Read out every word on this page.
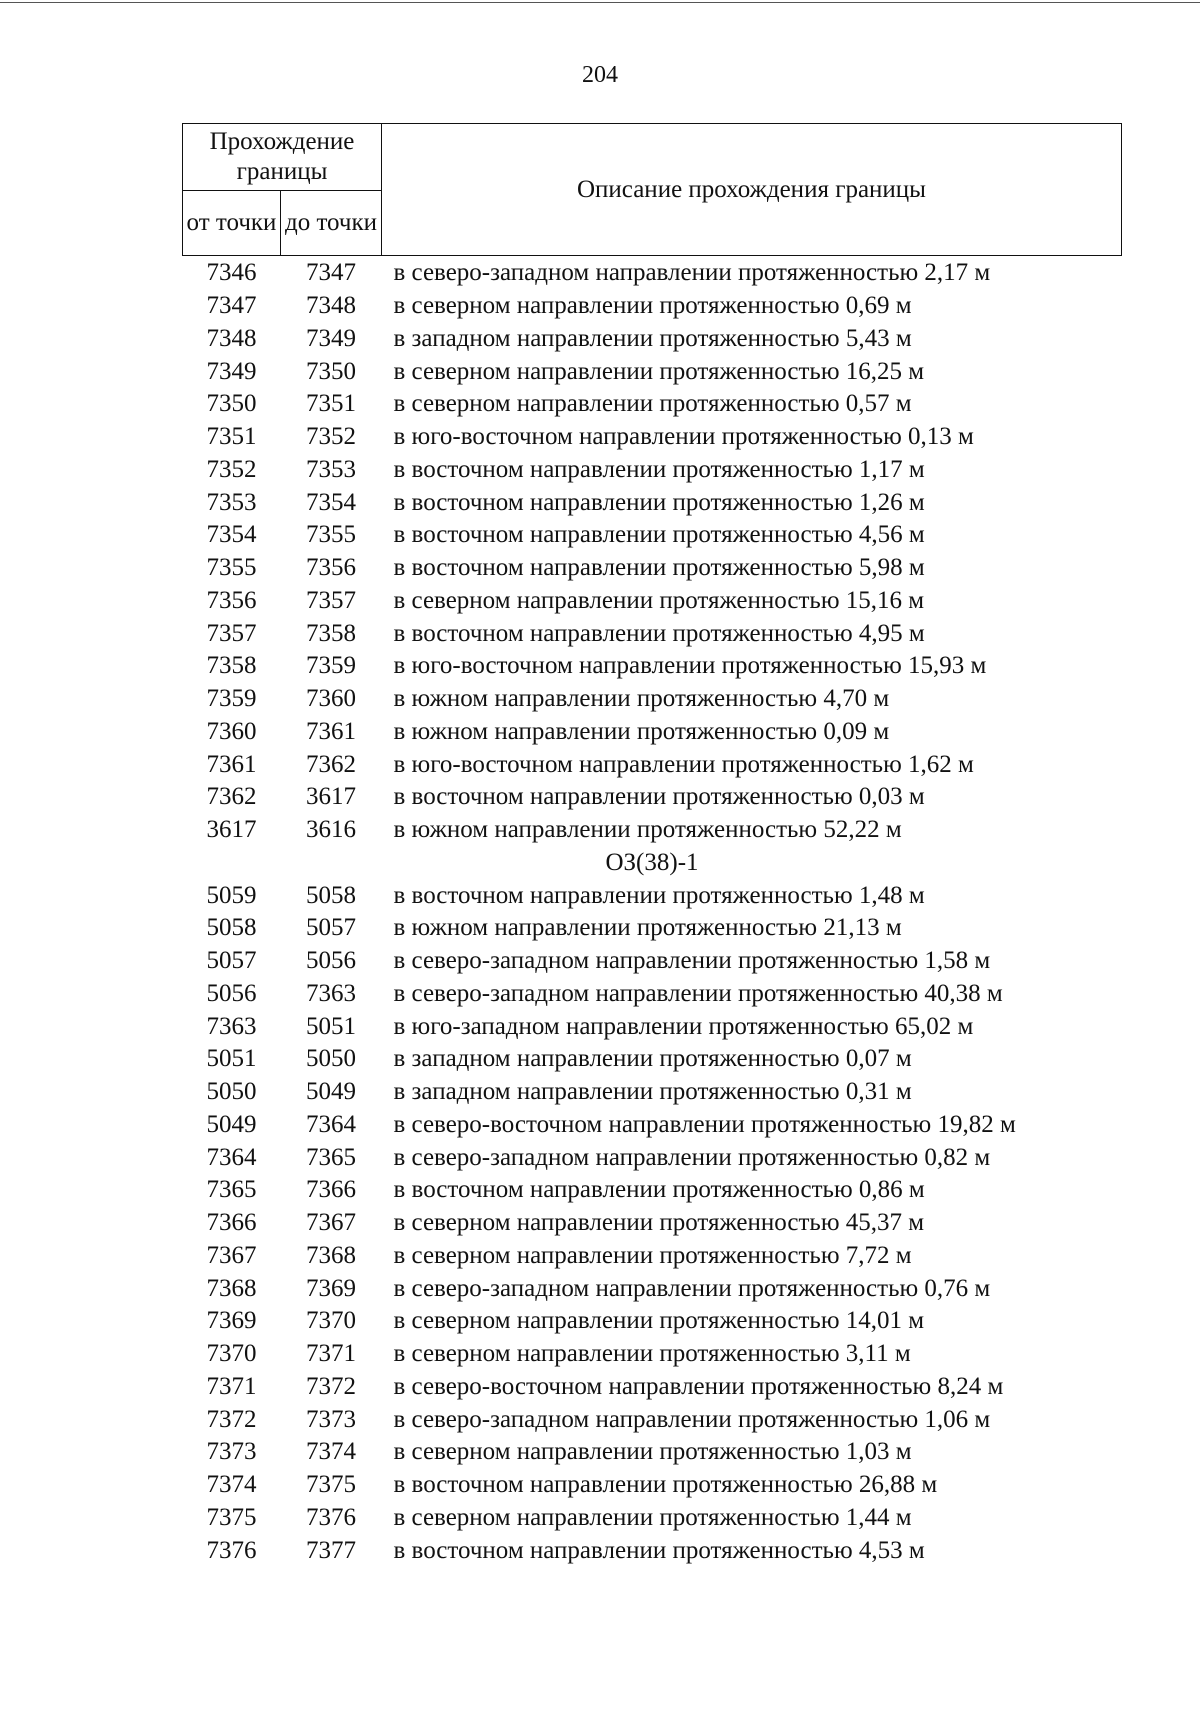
204
Прохождение границы		Описание прохождения границы
от точки	до точки	
7346	7347	в северо-западном направлении протяженностью 2,17 м
7347	7348	в северном направлении протяженностью 0,69 м
7348	7349	в западном направлении протяженностью 5,43 м
7349	7350	в северном направлении протяженностью 16,25 м
7350	7351	в северном направлении протяженностью 0,57 м
7351	7352	в юго-восточном направлении протяженностью 0,13 м
7352	7353	в восточном направлении протяженностью 1,17 м
7353	7354	в восточном направлении протяженностью 1,26 м
7354	7355	в восточном направлении протяженностью 4,56 м
7355	7356	в восточном направлении протяженностью 5,98 м
7356	7357	в северном направлении протяженностью 15,16 м
7357	7358	в восточном направлении протяженностью 4,95 м
7358	7359	в юго-восточном направлении протяженностью 15,93 м
7359	7360	в южном направлении протяженностью 4,70 м
7360	7361	в южном направлении протяженностью 0,09 м
7361	7362	в юго-восточном направлении протяженностью 1,62 м
7362	3617	в восточном направлении протяженностью 0,03 м
3617	3616	в южном направлении протяженностью 52,22 м
ОЗ(38)-1		
5059	5058	в восточном направлении протяженностью 1,48 м
5058	5057	в южном направлении протяженностью 21,13 м
5057	5056	в северо-западном направлении протяженностью 1,58 м
5056	7363	в северо-западном направлении протяженностью 40,38 м
7363	5051	в юго-западном направлении протяженностью 65,02 м
5051	5050	в западном направлении протяженностью 0,07 м
5050	5049	в западном направлении протяженностью 0,31 м
5049	7364	в северо-восточном направлении протяженностью 19,82 м
7364	7365	в северо-западном направлении протяженностью 0,82 м
7365	7366	в восточном направлении протяженностью 0,86 м
7366	7367	в северном направлении протяженностью 45,37 м
7367	7368	в северном направлении протяженностью 7,72 м
7368	7369	в северо-западном направлении протяженностью 0,76 м
7369	7370	в северном направлении протяженностью 14,01 м
7370	7371	в северном направлении протяженностью 3,11 м
7371	7372	в северо-восточном направлении протяженностью 8,24 м
7372	7373	в северо-западном направлении протяженностью 1,06 м
7373	7374	в северном направлении протяженностью 1,03 м
7374	7375	в восточном направлении протяженностью 26,88 м
7375	7376	в северном направлении протяженностью 1,44 м
7376	7377	в восточном направлении протяженностью 4,53 м
